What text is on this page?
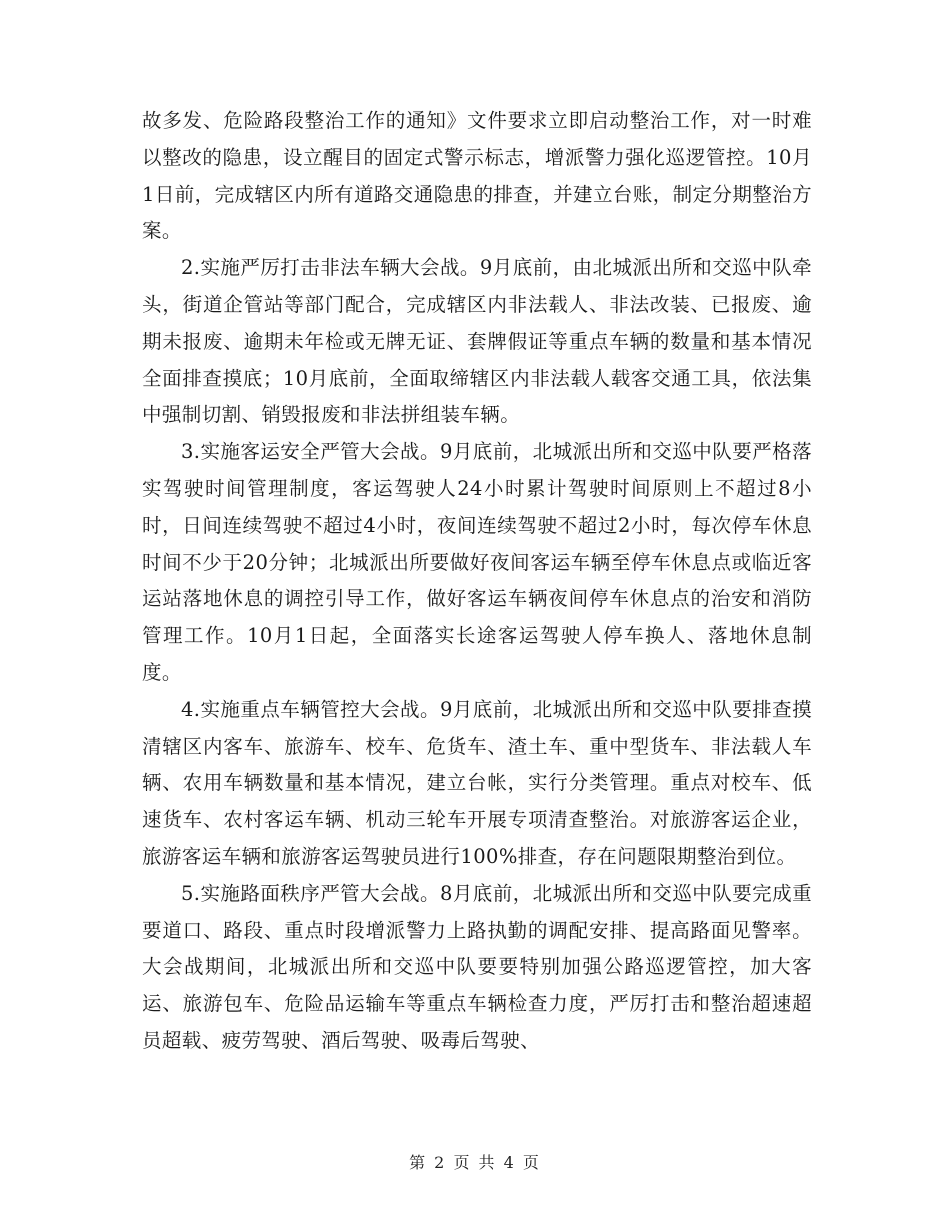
故多发、危险路段整治工作的通知》文件要求立即启动整治工作，对一时难以整改的隐患，设立醒目的固定式警示标志，增派警力强化巡逻管控。10月1日前，完成辖区内所有道路交通隐患的排查，并建立台账，制定分期整治方案。

2.实施严厉打击非法车辆大会战。9月底前，由北城派出所和交巡中队牵头，街道企管站等部门配合，完成辖区内非法载人、非法改装、已报废、逾期未报废、逾期未年检或无牌无证、套牌假证等重点车辆的数量和基本情况全面排查摸底；10月底前，全面取缔辖区内非法载人载客交通工具，依法集中强制切割、销毁报废和非法拼组装车辆。

3.实施客运安全严管大会战。9月底前，北城派出所和交巡中队要严格落实驾驶时间管理制度，客运驾驶人24小时累计驾驶时间原则上不超过8小时，日间连续驾驶不超过4小时，夜间连续驾驶不超过2小时，每次停车休息时间不少于20分钟；北城派出所要做好夜间客运车辆至停车休息点或临近客运站落地休息的调控引导工作，做好客运车辆夜间停车休息点的治安和消防管理工作。10月1日起，全面落实长途客运驾驶人停车换人、落地休息制度。

4.实施重点车辆管控大会战。9月底前，北城派出所和交巡中队要排查摸清辖区内客车、旅游车、校车、危货车、渣土车、重中型货车、非法载人车辆、农用车辆数量和基本情况，建立台帐，实行分类管理。重点对校车、低速货车、农村客运车辆、机动三轮车开展专项清查整治。对旅游客运企业，旅游客运车辆和旅游客运驾驶员进行100%排查，存在问题限期整治到位。

5.实施路面秩序严管大会战。8月底前，北城派出所和交巡中队要完成重要道口、路段、重点时段增派警力上路执勤的调配安排、提高路面见警率。大会战期间，北城派出所和交巡中队要要特别加强公路巡逻管控，加大客运、旅游包车、危险品运输车等重点车辆检查力度，严厉打击和整治超速超员超载、疲劳驾驶、酒后驾驶、吸毒后驾驶、

第 2 页 共 4 页
